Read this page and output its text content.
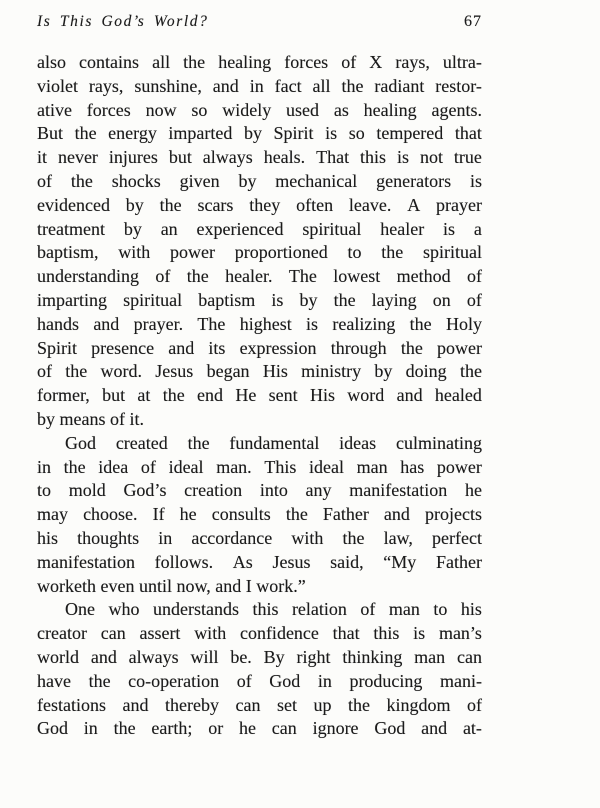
Is This God’s World?	67
also contains all the healing forces of X rays, ultra-
violet rays, sunshine, and in fact all the radiant restor-
ative forces now so widely used as healing agents.
But the energy imparted by Spirit is so tempered that
it never injures but always heals. That this is not true
of the shocks given by mechanical generators is
evidenced by the scars they often leave. A prayer
treatment by an experienced spiritual healer is a
baptism, with power proportioned to the spiritual
understanding of the healer. The lowest method of
imparting spiritual baptism is by the laying on of
hands and prayer. The highest is realizing the Holy
Spirit presence and its expression through the power
of the word. Jesus began His ministry by doing the
former, but at the end He sent His word and healed
by means of it.
God created the fundamental ideas culminating
in the idea of ideal man. This ideal man has power
to mold God’s creation into any manifestation he
may choose. If he consults the Father and projects
his thoughts in accordance with the law, perfect
manifestation follows. As Jesus said, “My Father
worketh even until now, and I work.”
One who understands this relation of man to his
creator can assert with confidence that this is man’s
world and always will be. By right thinking man can
have the co-operation of God in producing mani-
festations and thereby can set up the kingdom of
God in the earth; or he can ignore God and at-
